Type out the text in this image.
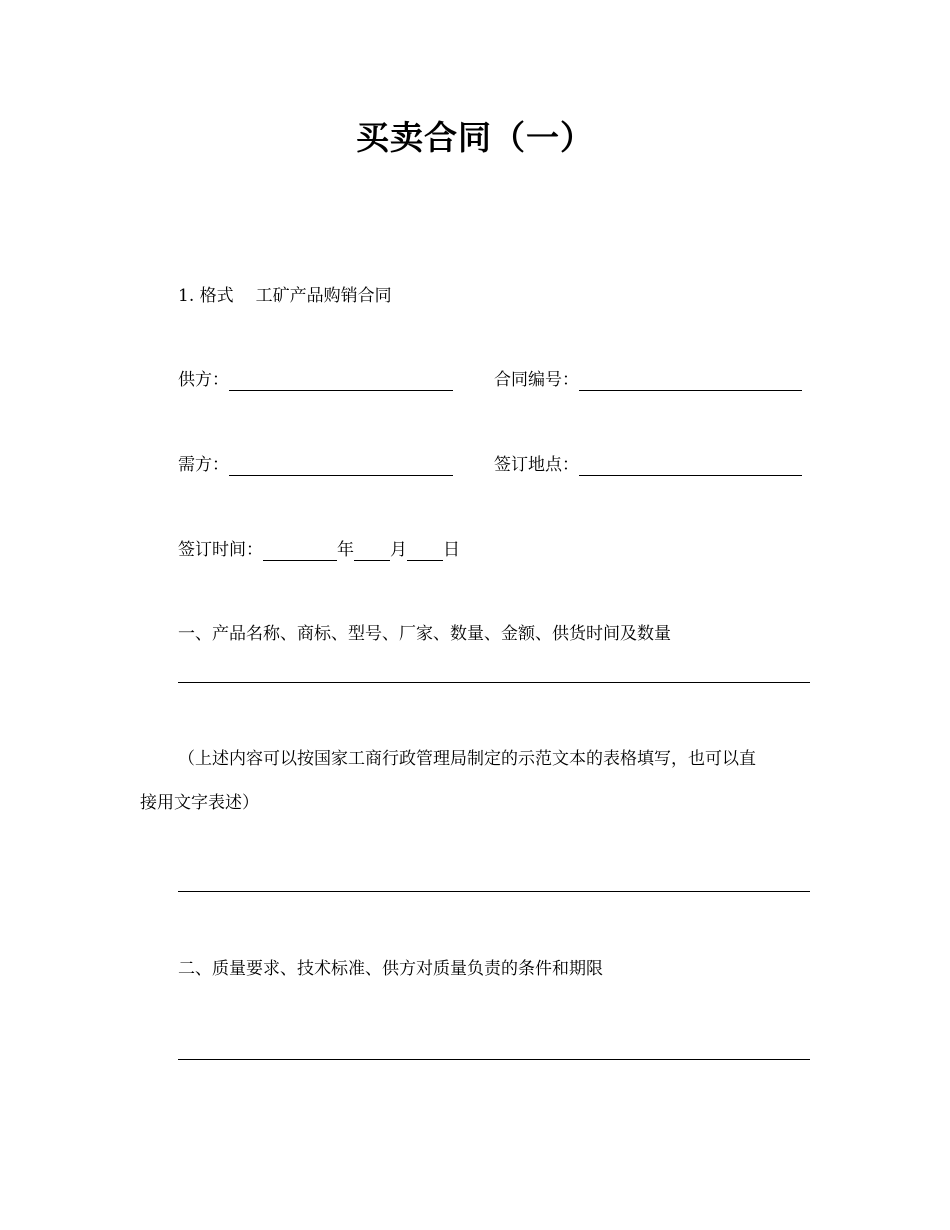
买卖合同（一）
1. 格式 工矿产品购销合同
供方：	合同编号：
需方：	签订地点：
签订时间：	年 月 日
一、产品名称、商标、型号、厂家、数量、金额、供货时间及数量
（上述内容可以按国家工商行政管理局制定的示范文本的表格填写，也可以直
接用文字表述）
二、质量要求、技术标准、供方对质量负责的条件和期限
